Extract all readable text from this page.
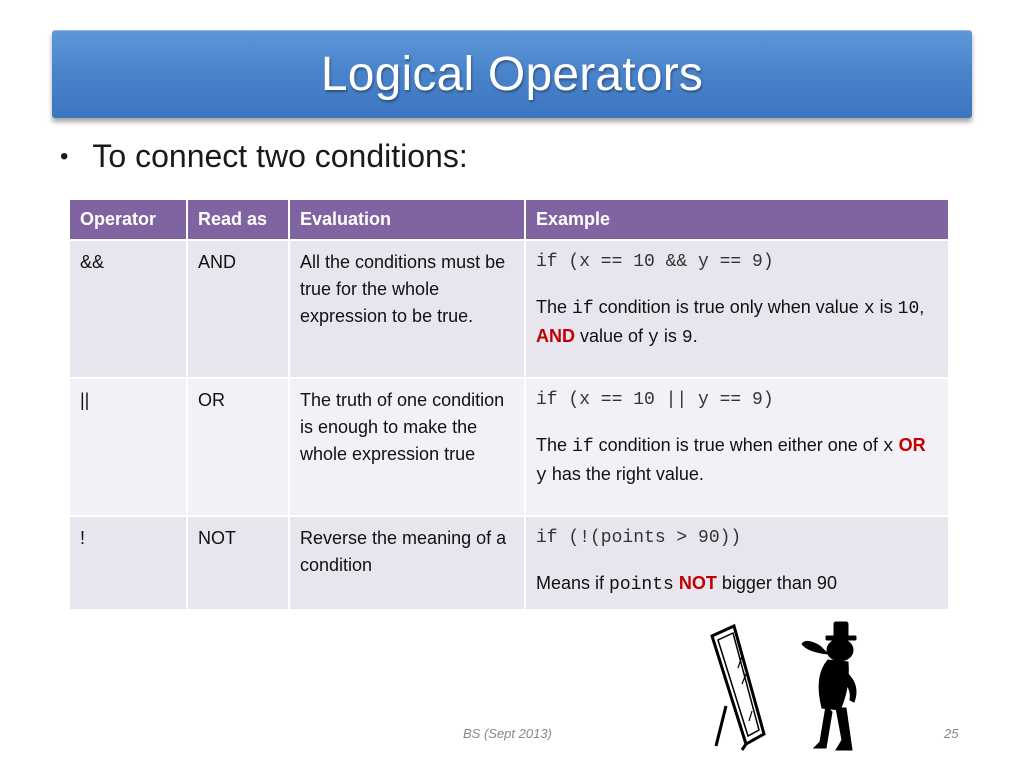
Logical Operators
• To connect two conditions:
Operator	Read as	Evaluation	Example
&&	AND	All the conditions must be true for the whole expression to be true.	if (x == 10 && y == 9)
The if condition is true only when value x is 10, AND value of y is 9.

||	OR	The truth of one condition is enough to make the whole expression true	if (x == 10 || y == 9)
The if condition is true when either one of x OR y has the right value.

!	NOT	Reverse the meaning of a condition	if (!(points > 90))
Means if points NOT bigger than 90
BS (Sept 2013)	25
